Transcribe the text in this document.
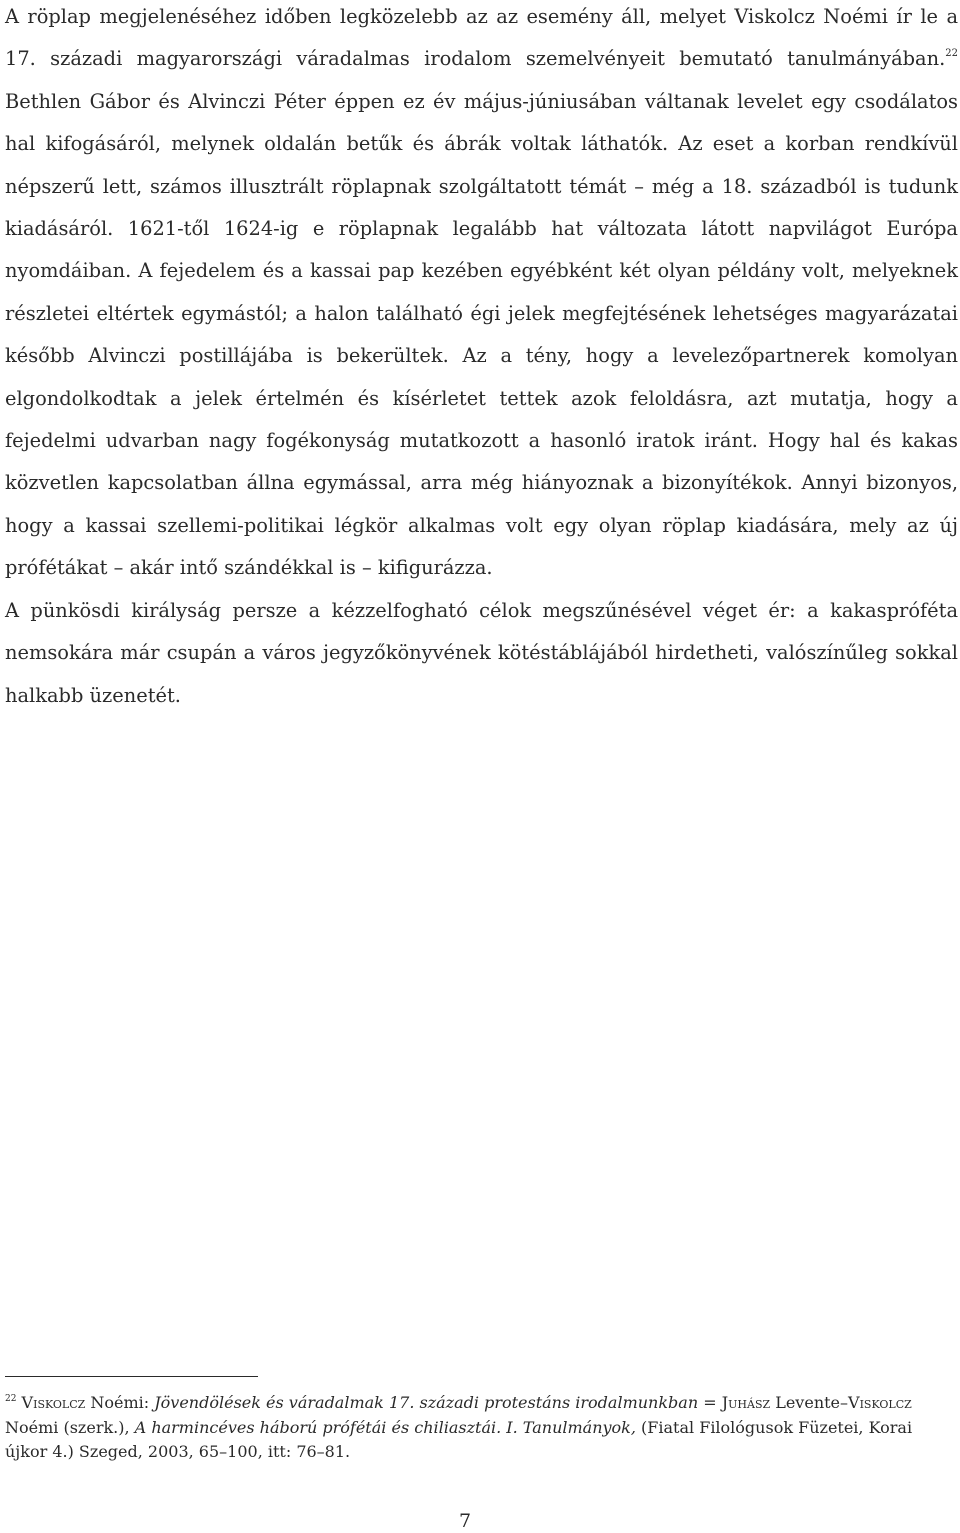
A röplap megjelenéséhez időben legközelebb az az esemény áll, melyet Viskolcz Noémi ír le a 17. századi magyarországi váradalmas irodalom szemelvényeit bemutató tanulmányában.$^{22}$ Bethlen Gábor és Alvinczi Péter éppen ez év május-júniusában váltanak levelet egy csodálatos hal kifogásáról, melynek oldalán betűk és ábrák voltak láthatók. Az eset a korban rendkívül népszerű lett, számos illusztrált röplapnak szolgáltatott témát – még a 18. századból is tudunk kiadásáról. 1621-től 1624-ig e röplapnak legalább hat változata látott napvilágot Európa nyomdáiban. A fejedelem és a kassai pap kezében egyébként két olyan példány volt, melyeknek részletei eltértek egymástól; a halon található égi jelek megfejtésének lehetséges magyarázatai később Alvinczi postillájába is bekerültek. Az a tény, hogy a levelezőpartnerek komolyan elgondolkodtak a jelek értelmén és kísérletet tettek azok feloldásra, azt mutatja, hogy a fejedelmi udvarban nagy fogékonyság mutatkozott a hasonló iratok iránt. Hogy hal és kakas közvetlen kapcsolatban állna egymással, arra még hiányoznak a bizonyítékok. Annyi bizonyos, hogy a kassai szellemi-politikai légkör alkalmas volt egy olyan röplap kiadására, mely az új prófétákat – akár intő szándékkal is – kifigurázza.

A pünkösdi királyság persze a kézzelfogható célok megszűnésével véget ér: a kakaspróféta nemsokára már csupán a város jegyzőkönyvének kötéstáblájából hirdetheti, valószínűleg sokkal halkabb üzenetét.

$^{22}$ Viskolcz Noémi: Jövendölések és váradalmak 17. századi protestáns irodalmunkban = Juhász Levente–Viskolcz Noémi (szerk.), A harmincéves háború prófétái és chiliasztái. I. Tanulmányok, (Fiatal Filológusok Füzetei, Korai újkor 4.) Szeged, 2003, 65–100, itt: 76–81.

7
